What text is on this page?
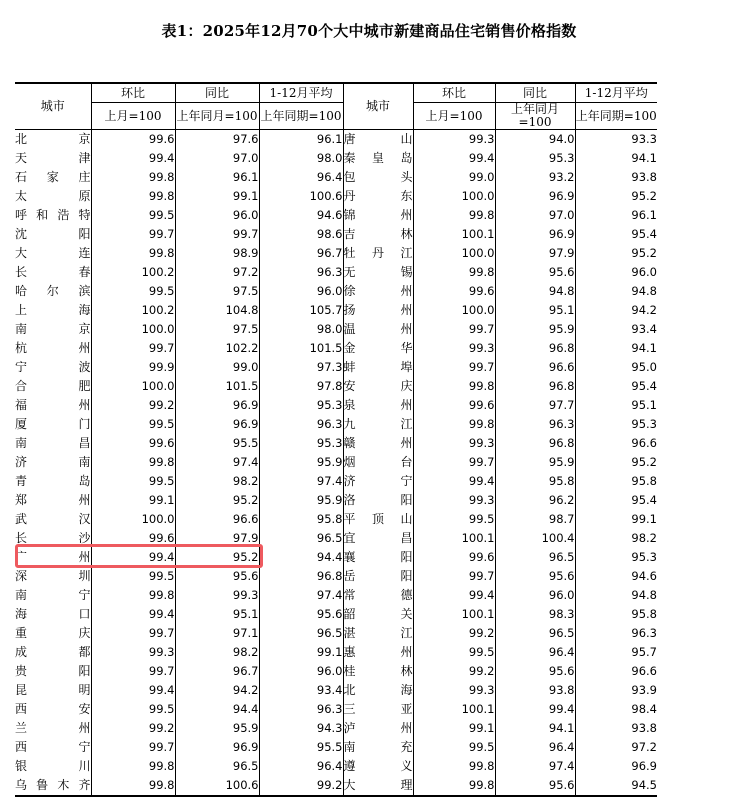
表1：2025年12月70个大中城市新建商品住宅销售价格指数
城市	环比	同比	1-12月平均	城市	环比	同比	1-12月平均
	上月=100	上年同月=100	上年同期=100		上月=100	上年同月=100	上年同期=100
北京	99.6	97.6	96.1	唐山	99.3	94.0	93.3
天津	99.4	97.0	98.0	秦皇岛	99.4	95.3	94.1
石家庄	99.8	96.1	96.4	包头	99.0	93.2	93.8
太原	99.8	99.1	100.6	丹东	100.0	96.9	95.2
呼和浩特	99.5	96.0	94.6	锦州	99.8	97.0	96.1
沈阳	99.7	99.7	98.6	吉林	100.1	96.9	95.4
大连	99.8	98.9	96.7	牡丹江	100.0	97.9	95.2
长春	100.2	97.2	96.3	无锡	99.8	95.6	96.0
哈尔滨	99.5	97.5	96.0	徐州	99.6	94.8	94.8
上海	100.2	104.8	105.7	扬州	100.0	95.1	94.2
南京	100.0	97.5	98.0	温州	99.7	95.9	93.4
杭州	99.7	102.2	101.5	金华	99.3	96.8	94.1
宁波	99.9	99.0	97.3	蚌埠	99.7	96.6	95.0
合肥	100.0	101.5	97.8	安庆	99.8	96.8	95.4
福州	99.2	96.9	95.3	泉州	99.6	97.7	95.1
厦门	99.5	96.9	96.3	九江	99.8	96.3	95.3
南昌	99.6	95.5	95.3	赣州	99.3	96.8	96.6
济南	99.8	97.4	95.9	烟台	99.7	95.9	95.2
青岛	99.5	98.2	97.4	济宁	99.4	95.8	95.8
郑州	99.1	95.2	95.9	洛阳	99.3	96.2	95.4
武汉	100.0	96.6	95.8	平顶山	99.5	98.7	99.1
长沙	99.6	97.9	96.5	宜昌	100.1	100.4	98.2
广州	99.4	95.2	94.4	襄阳	99.6	96.5	95.3
深圳	99.5	95.6	96.8	岳阳	99.7	95.6	94.6
南宁	99.8	99.3	97.4	常德	99.4	96.0	94.8
海口	99.4	95.1	95.6	韶关	100.1	98.3	95.8
重庆	99.7	97.1	96.5	湛江	99.2	96.5	96.3
成都	99.3	98.2	99.1	惠州	99.5	96.4	95.7
贵阳	99.7	96.7	96.0	桂林	99.2	95.6	96.6
昆明	99.4	94.2	93.4	北海	99.3	93.8	93.9
西安	99.5	94.4	96.3	三亚	100.1	99.4	98.4
兰州	99.2	95.9	94.3	泸州	99.1	94.1	93.8
西宁	99.7	96.9	95.5	南充	99.5	96.4	97.2
银川	99.8	96.5	96.4	遵义	99.8	97.4	96.9
乌鲁木齐	99.8	100.6	99.2	大理	99.8	95.6	94.5
